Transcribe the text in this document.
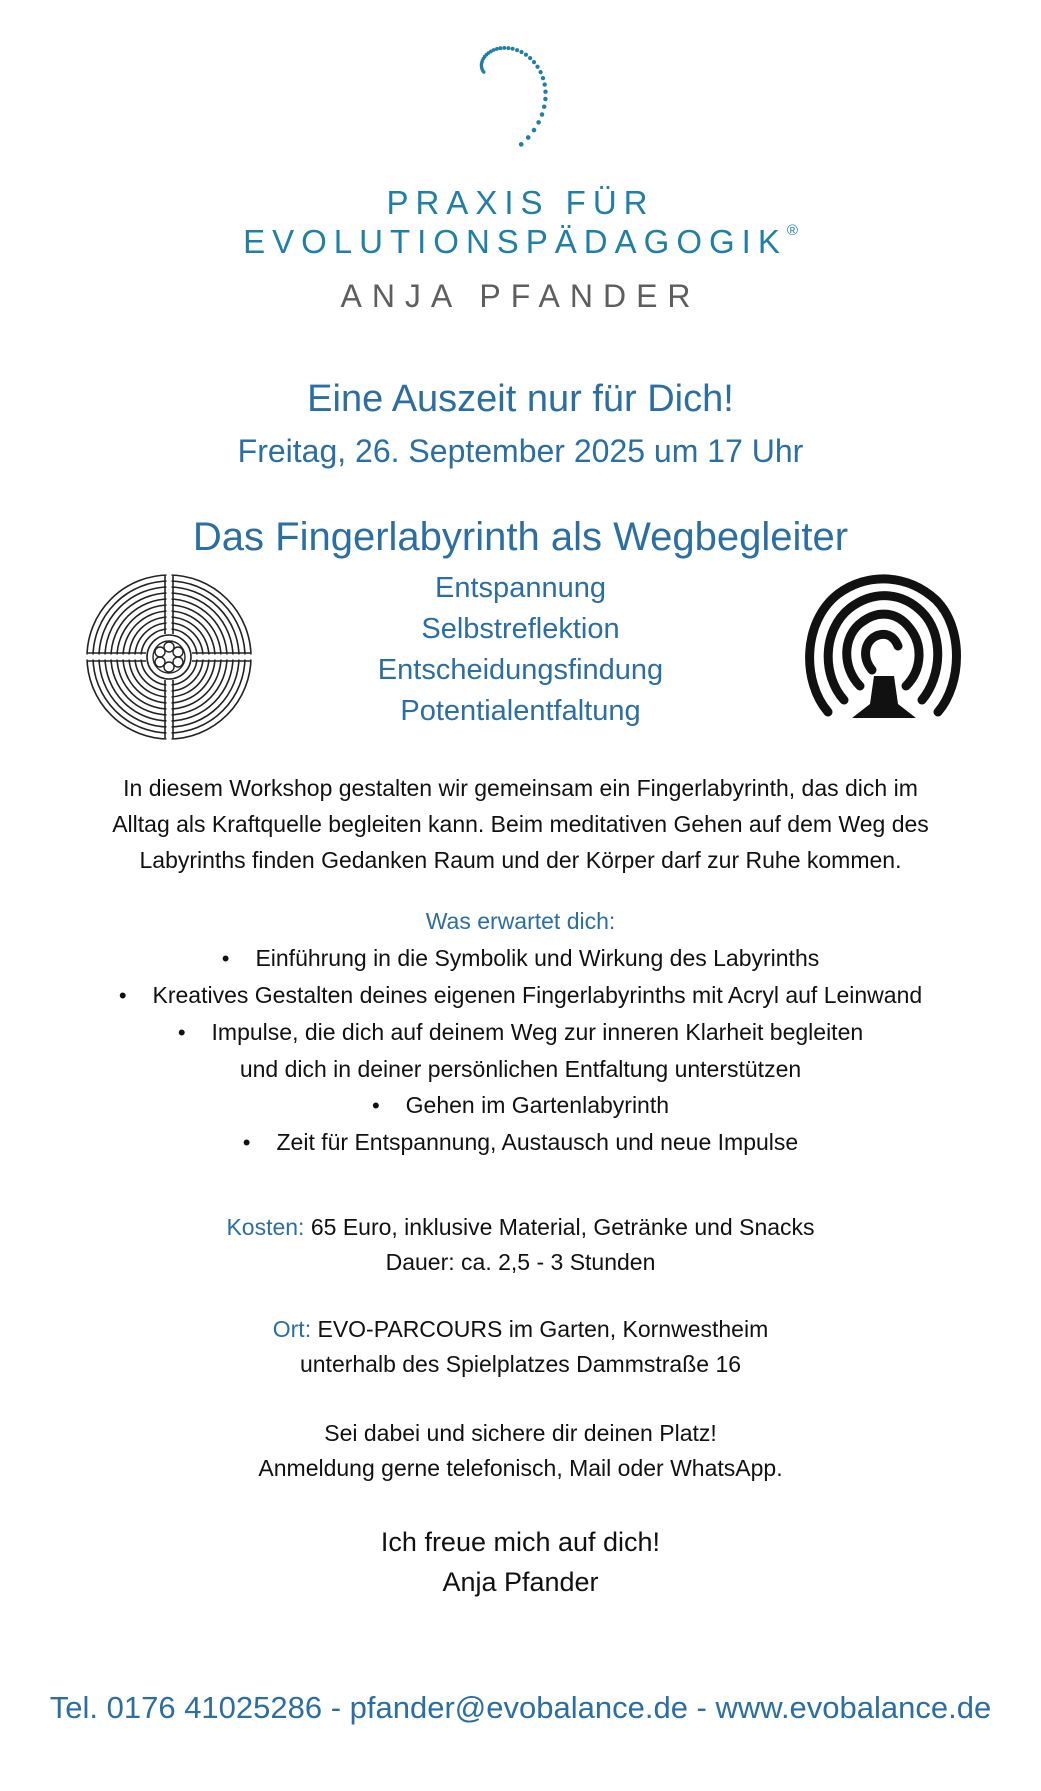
PRAXIS FÜR
EVOLUTIONSPÄDAGOGIK®
ANJA PFANDER
Eine Auszeit nur für Dich!
Freitag, 26. September 2025 um 17 Uhr
Das Fingerlabyrinth als Wegbegleiter
Entspannung
Selbstreflektion
Entscheidungsfindung
Potentialentfaltung
In diesem Workshop gestalten wir gemeinsam ein Fingerlabyrinth, das dich im
Alltag als Kraftquelle begleiten kann. Beim meditativen Gehen auf dem Weg des
Labyrinths finden Gedanken Raum und der Körper darf zur Ruhe kommen.
Was erwartet dich:
• Einführung in die Symbolik und Wirkung des Labyrinths
• Kreatives Gestalten deines eigenen Fingerlabyrinths mit Acryl auf Leinwand
• Impulse, die dich auf deinem Weg zur inneren Klarheit begleiten
und dich in deiner persönlichen Entfaltung unterstützen
• Gehen im Gartenlabyrinth
• Zeit für Entspannung, Austausch und neue Impulse
Kosten: 65 Euro, inklusive Material, Getränke und Snacks
Dauer: ca. 2,5 - 3 Stunden
Ort: EVO-PARCOURS im Garten, Kornwestheim
unterhalb des Spielplatzes Dammstraße 16
Sei dabei und sichere dir deinen Platz!
Anmeldung gerne telefonisch, Mail oder WhatsApp.
Ich freue mich auf dich!
Anja Pfander
Tel. 0176 41025286 - pfander@evobalance.de - www.evobalance.de
